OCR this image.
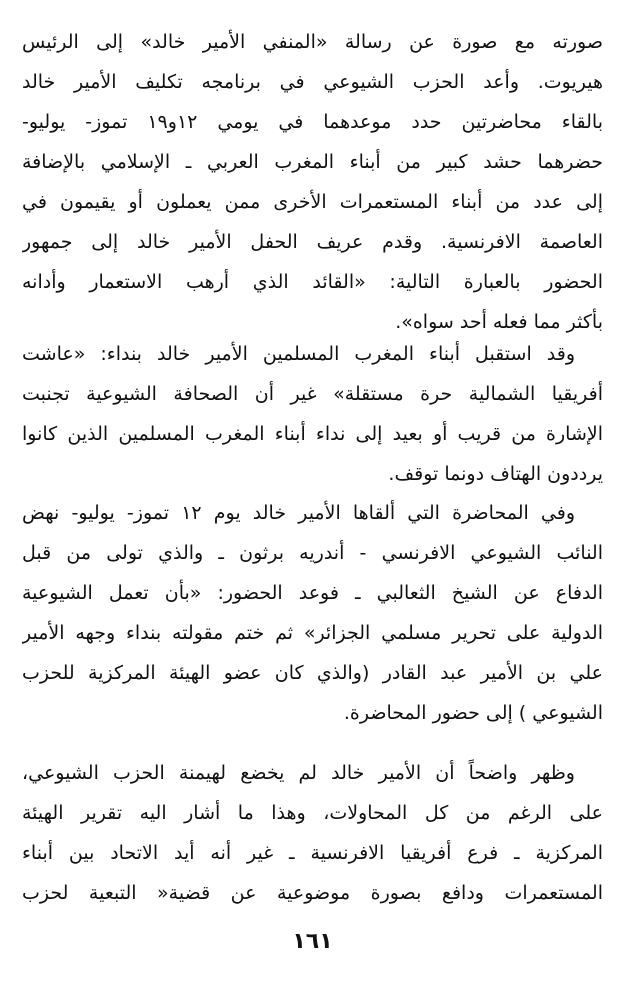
صورته مع صورة عن رسالة «المنفي الأمير خالد» إلى الرئيس
هيريوت. وأعد الحزب الشيوعي في برنامجه تكليف الأمير خالد
بالقاء محاضرتين حدد موعدهما في يومي ١٢و١٩ تموز- يوليو-
حضرهما حشد كبير من أبناء المغرب العربي ـ الإسلامي بالإضافة
إلى عدد من أبناء المستعمرات الأخرى ممن يعملون أو يقيمون في
العاصمة الافرنسية. وقدم عريف الحفل الأمير خالد إلى جمهور
الحضور بالعبارة التالية: «القائد الذي أرهب الاستعمار وأدانه
بأكثر مما فعله أحد سواه».
وقد استقبل أبناء المغرب المسلمين الأمير خالد بنداء: «عاشت
أفريقيا الشمالية حرة مستقلة» غير أن الصحافة الشيوعية تجنبت
الإشارة من قريب أو بعيد إلى نداء أبناء المغرب المسلمين الذين كانوا
يرددون الهتاف دونما توقف.
وفي المحاضرة التي ألقاها الأمير خالد يوم ١٢ تموز- يوليو- نهض
النائب الشيوعي الافرنسي - أندريه برثون ـ والذي تولى من قبل
الدفاع عن الشيخ الثعالبي ـ فوعد الحضور: «بأن تعمل الشيوعية
الدولية على تحرير مسلمي الجزائر» ثم ختم مقولته بنداء وجهه الأمير
علي بن الأمير عبد القادر (والذي كان عضو الهيئة المركزية للحزب
الشيوعي ) إلى حضور المحاضرة.
وظهر واضحاً أن الأمير خالد لم يخضع لهيمنة الحزب الشيوعي،
على الرغم من كل المحاولات، وهذا ما أشار اليه تقرير الهيئة
المركزية ـ فرع أفريقيا الافرنسية ـ غير أنه أيد الاتحاد بين أبناء
المستعمرات ودافع بصورة موضوعية عن قضية« التبعية لحزب
١٦١
